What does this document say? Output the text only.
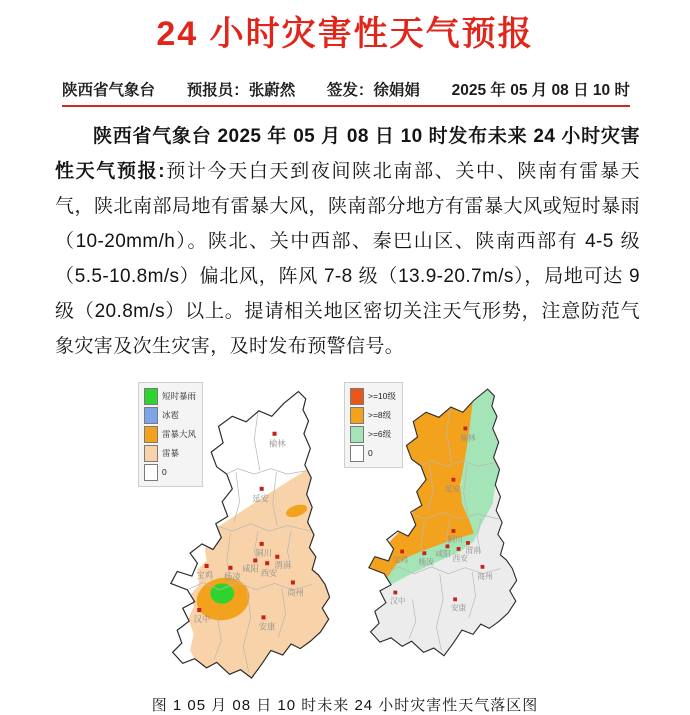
24 小时灾害性天气预报
陕西省气象台 预报员：张蔚然 签发：徐娟娟 2025 年 05 月 08 日 10 时

陕西省气象台 2025 年 05 月 08 日 10 时发布未来 24 小时灾害性天气预报:预计今天白天到夜间陕北南部、关中、陕南有雷暴天气，陕北南部局地有雷暴大风，陕南部分地方有雷暴大风或短时暴雨（10-20mm/h）。陕北、关中西部、秦巴山区、陕南西部有 4-5 级（5.5-10.8m/s）偏北风，阵风 7-8 级（13.9-20.7m/s），局地可达 9 级（20.8m/s）以上。提请相关地区密切关注天气形势，注意防范气象灾害及次生灾害，及时发布预警信号。

短时暴雨
冰雹
雷暴大风
雷暴
0
榆林
延安
铜川
宝鸡 杨凌
咸阳
西安
渭南
商州
汉中
安康
>=10级
>=8级
>=6级
0
榆林
延安
铜川
宝鸡 杨凌
咸阳 西安
渭南
商州
汉中
安康
图 1 05 月 08 日 10 时未来 24 小时灾害性天气落区图
